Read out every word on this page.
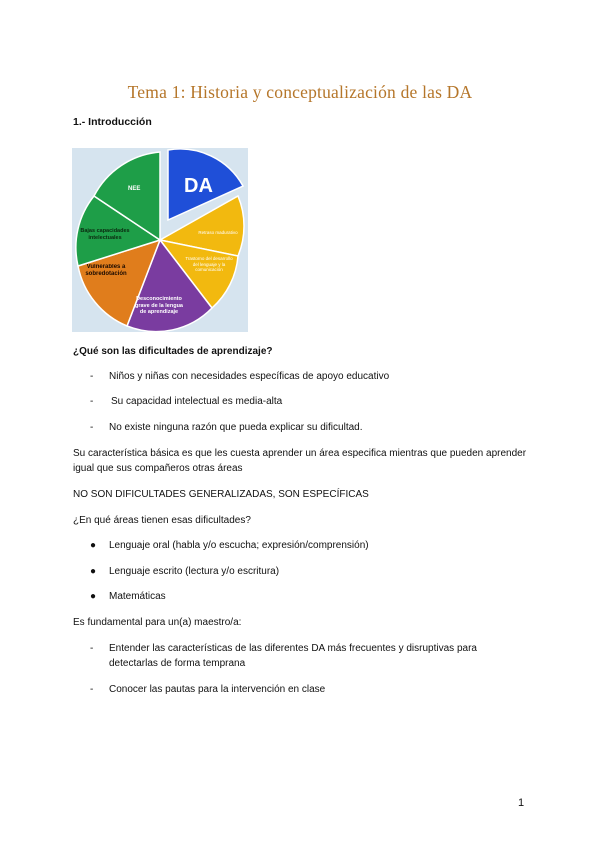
Tema 1: Historia y conceptualización de las DA
1.- Introducción
DA
NEE
Bajas capacidades intelectuales
Vulnerables a sobredotación
Desconocimiento grave de la lengua de aprendizaje
Trastorno del desarrollo del lenguaje y la comunicación
Retraso madurativo
¿Qué son las dificultades de aprendizaje?
- Niños y niñas con necesidades específicas de apoyo educativo
- Su capacidad intelectual es media-alta
- No existe ninguna razón que pueda explicar su dificultad.
Su característica básica es que les cuesta aprender un área especifica mientras que pueden aprender
igual que sus compañeros otras áreas
NO SON DIFICULTADES GENERALIZADAS, SON ESPECÍFICAS
¿En qué áreas tienen esas dificultades?
● Lenguaje oral (habla y/o escucha; expresión/comprensión)
● Lenguaje escrito (lectura y/o escritura)
● Matemáticas
Es fundamental para un(a) maestro/a:
- Entender las características de las diferentes DA más frecuentes y disruptivas para
detectarlas de forma temprana
- Conocer las pautas para la intervención en clase
1
